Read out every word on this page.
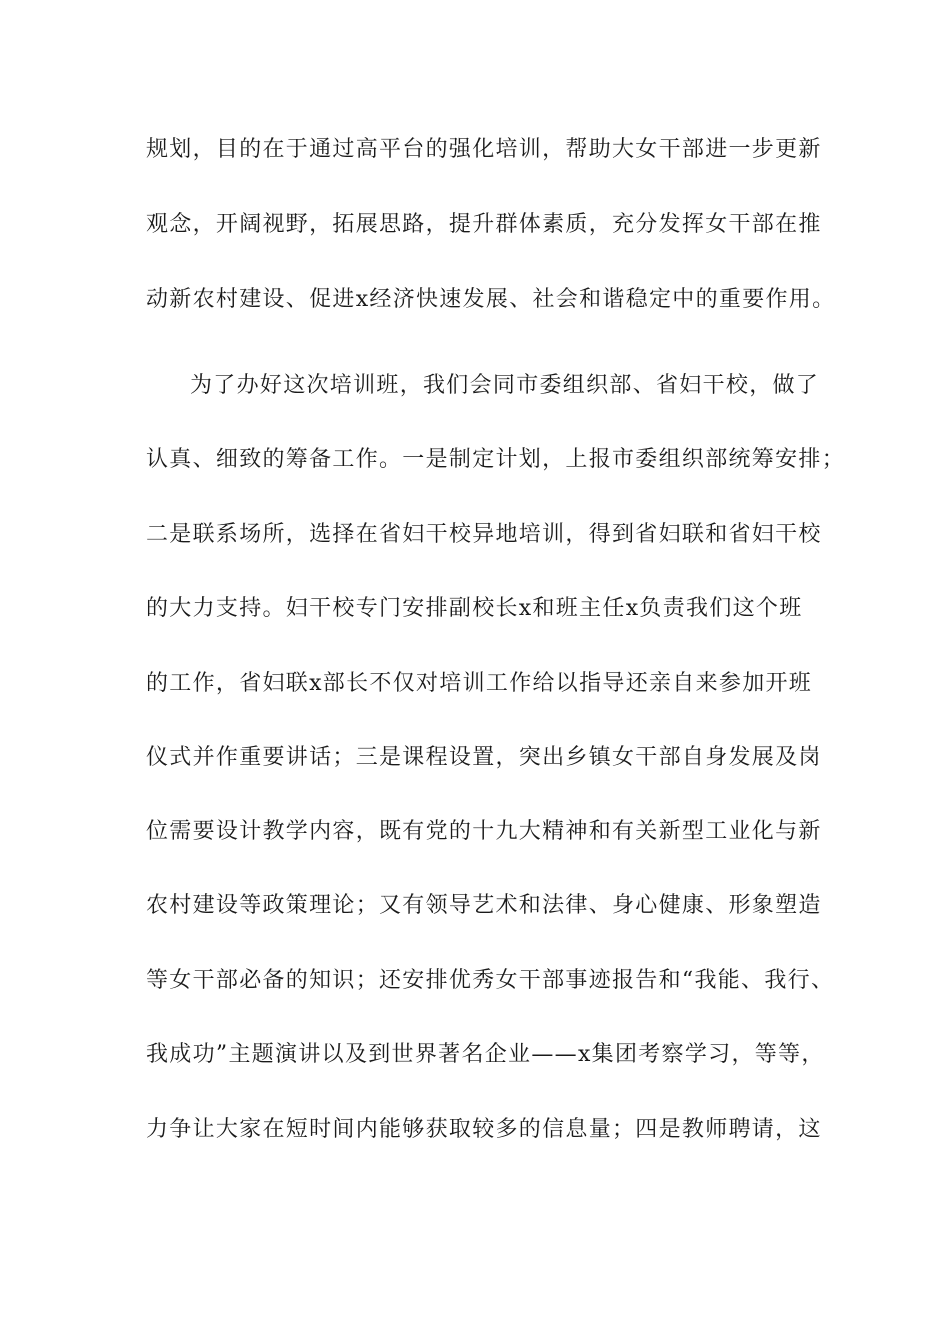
规划，目的在于通过高平台的强化培训，帮助大女干部进一步更新
观念，开阔视野，拓展思路，提升群体素质，充分发挥女干部在推
动新农村建设、促进x经济快速发展、社会和谐稳定中的重要作用。
为了办好这次培训班，我们会同市委组织部、省妇干校，做了
认真、细致的筹备工作。一是制定计划，上报市委组织部统筹安排；
二是联系场所，选择在省妇干校异地培训，得到省妇联和省妇干校
的大力支持。妇干校专门安排副校长x和班主任x负责我们这个班
的工作，省妇联x部长不仅对培训工作给以指导还亲自来参加开班
仪式并作重要讲话；三是课程设置，突出乡镇女干部自身发展及岗
位需要设计教学内容，既有党的十九大精神和有关新型工业化与新
农村建设等政策理论；又有领导艺术和法律、身心健康、形象塑造
等女干部必备的知识；还安排优秀女干部事迹报告和“我能、我行、
我成功”主题演讲以及到世界著名企业——x集团考察学习，等等，
力争让大家在短时间内能够获取较多的信息量；四是教师聘请，这
